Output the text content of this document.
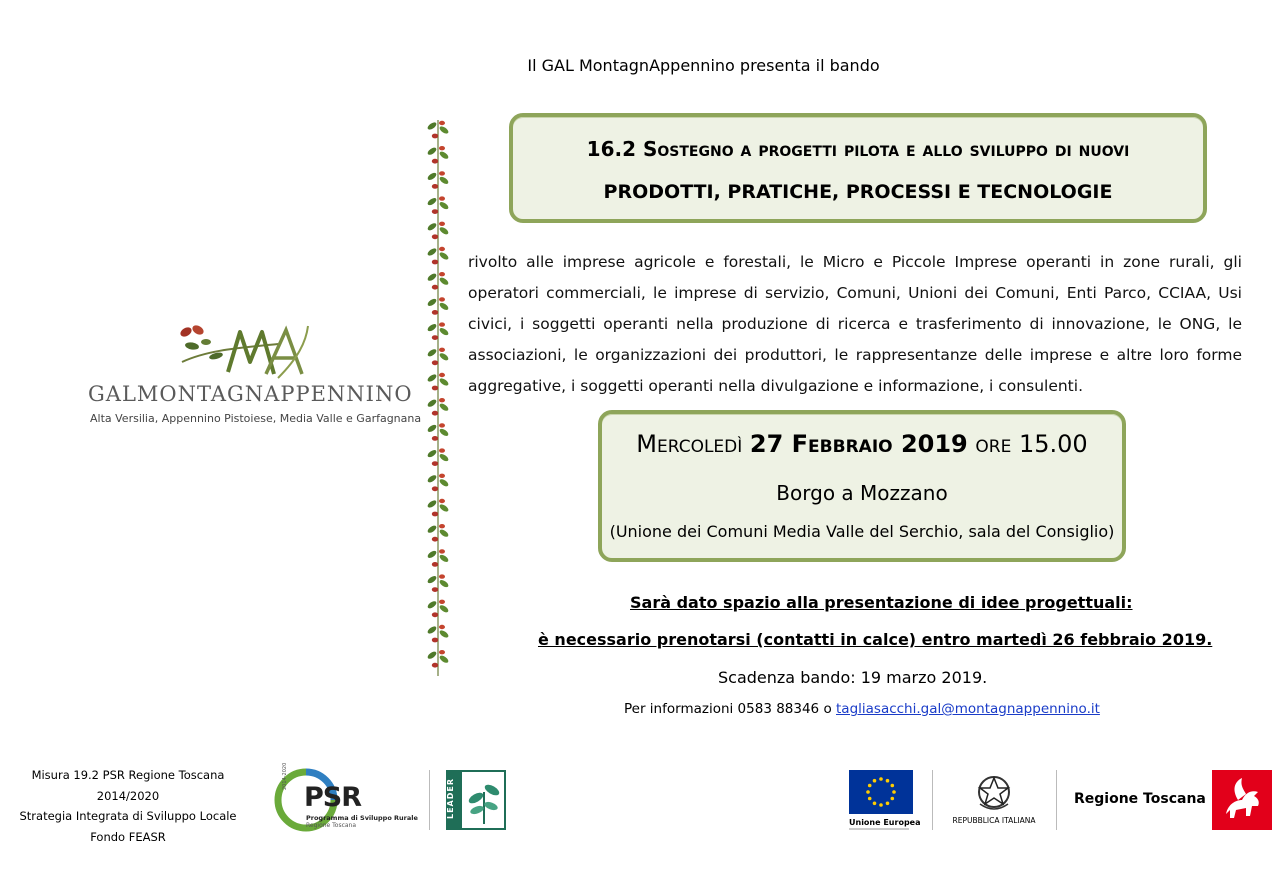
Il GAL MontagnAppennino presenta il bando
GALMONTAGNAPPENNINO
Alta Versilia, Appennino Pistoiese, Media Valle e Garfagnana
16.2 Sostegno a progetti pilota e allo sviluppo di nuovi
PRODOTTI, PRATICHE, PROCESSI E TECNOLOGIE
rivolto alle imprese agricole e forestali, le Micro e Piccole Imprese operanti in zone rurali, gli operatori commerciali, le imprese di servizio, Comuni, Unioni dei Comuni, Enti Parco, CCIAA, Usi civici, i soggetti operanti nella produzione di ricerca e trasferimento di innovazione, le ONG, le associazioni, le organizzazioni dei produttori, le rappresentanze delle imprese e altre loro forme aggregative, i soggetti operanti nella divulgazione e informazione, i consulenti.
Mercoledì 27 Febbraio 2019 ore 15.00
Borgo a Mozzano
(Unione dei Comuni Media Valle del Serchio, sala del Consiglio)
Sarà dato spazio alla presentazione di idee progettuali:
è necessario prenotarsi (contatti in calce) entro martedì 26 febbraio 2019.
Scadenza bando: 19 marzo 2019.
Per informazioni 0583 88346 o tagliasacchi.gal@montagnappennino.it
Misura 19.2 PSR Regione Toscana 2014/2020
Strategia Integrata di Sviluppo Locale
Fondo FEASR
2014-2020
PSR
Programma di Sviluppo Rurale
Regione Toscana
LEADER
Unione Europea	REPUBBLICA ITALIANA
Regione Toscana
